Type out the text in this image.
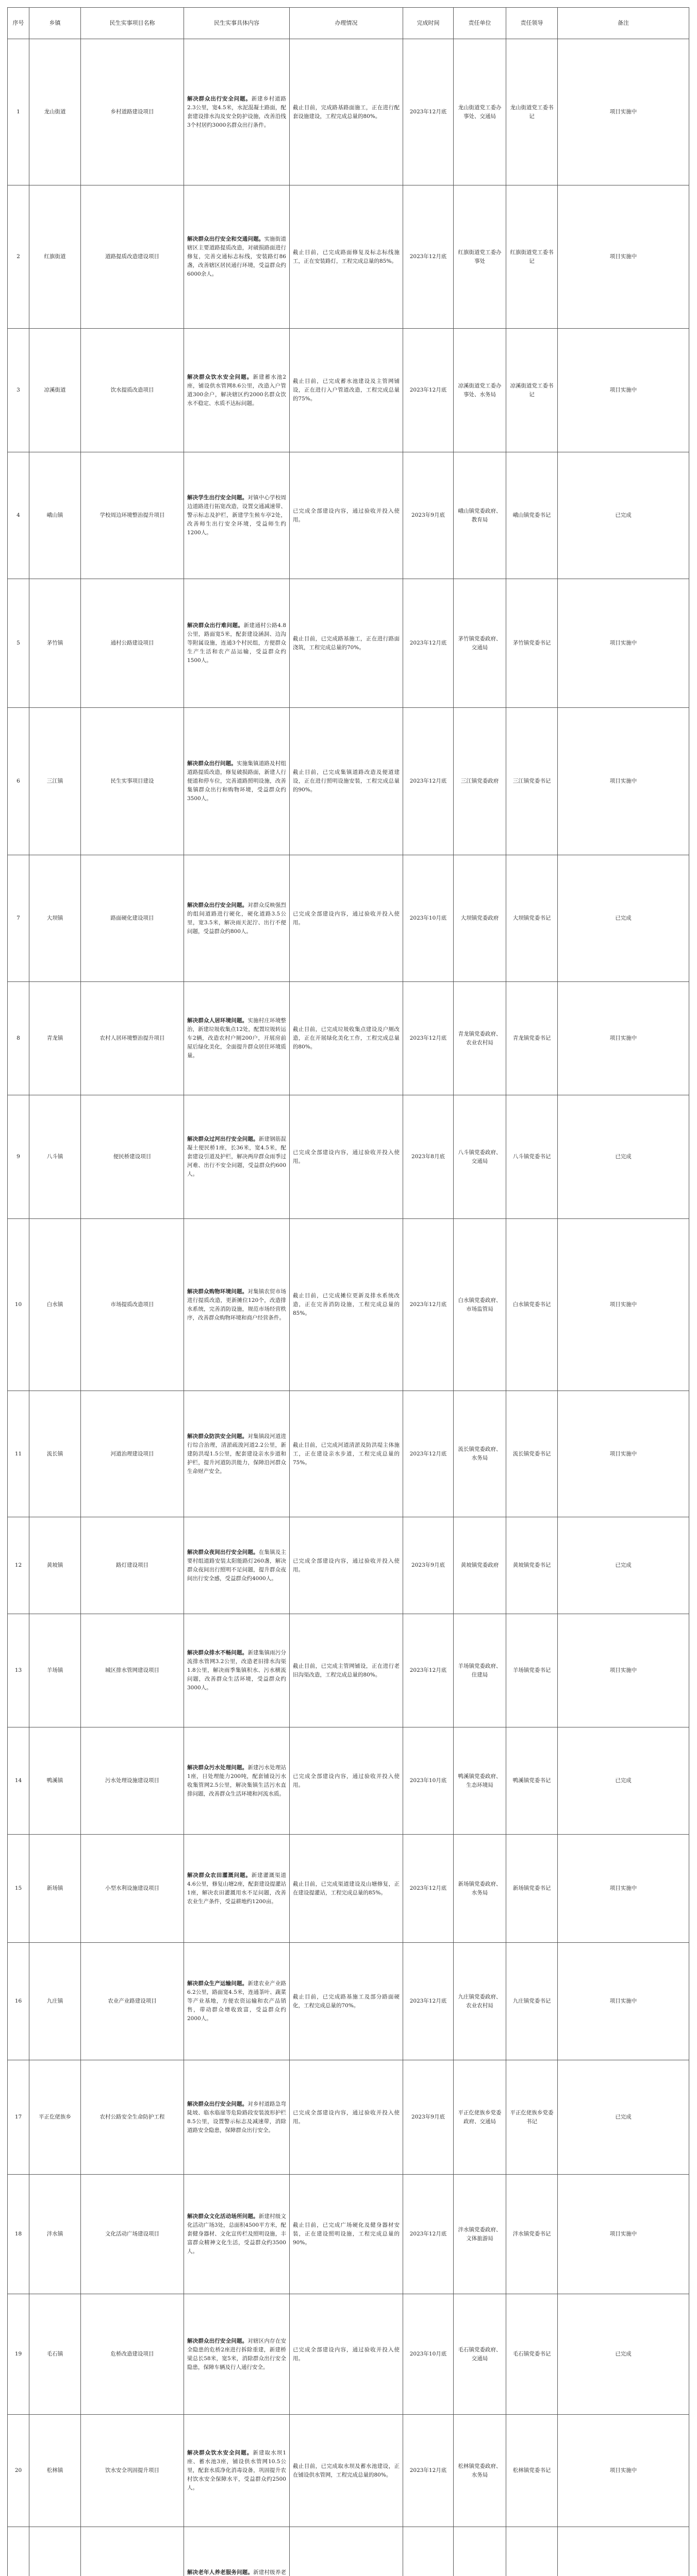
序号	乡镇	民生实事项目名称	民生实事具体内容	办理情况	完成时间	责任单位	责任领导	备注
1	龙山街道	乡村道路建设项目	解决群众出行安全问题。新建乡村道路2.3公里，宽4.5米，水泥混凝土路面，配套建设排水沟及安全防护设施，改善沿线3个村居约3000名群众出行条件。	截止目前，完成路基路面施工，正在进行配套设施建设，工程完成总量的80%。	2023年12月底	龙山街道党工委办事处、交通局	龙山街道党工委书记	项目实施中
2	红旗街道	道路提质改造建设项目	解决群众出行安全和交通问题。实施街道辖区主要道路提质改造，对破损路面进行修复，完善交通标志标线，安装路灯86盏，改善辖区居民通行环境，受益群众约6000余人。	截止目前，已完成路面修复及标志标线施工，正在安装路灯，工程完成总量的85%。	2023年12月底	红旗街道党工委办事处	红旗街道党工委书记	项目实施中
3	凉溪街道	饮水提质改造项目	解决群众饮水安全问题。新建蓄水池2座，铺设供水管网8.6公里，改造入户管道300余户，解决辖区约2000名群众饮水不稳定、水质不达标问题。	截止目前，已完成蓄水池建设及主管网铺设，正在进行入户管道改造，工程完成总量的75%。	2023年12月底	凉溪街道党工委办事处、水务局	凉溪街道党工委书记	项目实施中
4	峨山镇	学校周边环境整治提升项目	解决学生出行安全问题。对镇中心学校周边道路进行拓宽改造，设置交通减速带、警示标志及护栏，新建学生候车亭2处，改善师生出行安全环境，受益师生约1200人。	已完成全部建设内容，通过验收并投入使用。	2023年9月底	峨山镇党委政府、教育局	峨山镇党委书记	已完成
5	茅竹镇	通村公路建设项目	解决群众出行难问题。新建通村公路4.8公里，路面宽5米，配套建设涵洞、边沟等附属设施，连通3个村民组，方便群众生产生活和农产品运输，受益群众约1500人。	截止目前，已完成路基施工，正在进行路面浇筑，工程完成总量的70%。	2023年12月底	茅竹镇党委政府、交通局	茅竹镇党委书记	项目实施中
6	三江镇	民生实事项目建设	解决群众出行问题。实施集镇道路及村组道路提质改造，修复破损路面，新建人行便道和停车位，完善道路照明设施，改善集镇群众出行和购物环境，受益群众约3500人。	截止目前，已完成集镇道路改造及便道建设，正在进行照明设施安装，工程完成总量的90%。	2023年12月底	三江镇党委政府	三江镇党委书记	项目实施中
7	大坝镇	路面硬化建设项目	解决群众出行安全问题。对群众反映强烈的组间道路进行硬化，硬化道路3.5公里，宽3.5米，解决雨天泥泞、出行不便问题，受益群众约800人。	已完成全部建设内容，通过验收并投入使用。	2023年10月底	大坝镇党委政府	大坝镇党委书记	已完成
8	青龙镇	农村人居环境整治提升项目	解决群众人居环境问题。实施村庄环境整治，新建垃圾收集点12处，配置垃圾转运车2辆，改造农村户厕200户，开展房前屋后绿化美化，全面提升群众居住环境质量。	截止目前，已完成垃圾收集点建设及户厕改造，正在开展绿化美化工作，工程完成总量的80%。	2023年12月底	青龙镇党委政府、农业农村局	青龙镇党委书记	项目实施中
9	八斗镇	便民桥建设项目	解决群众过河出行安全问题。新建钢筋混凝土便民桥1座，长36米，宽4.5米，配套建设引道及护栏，解决两岸群众雨季过河难、出行不安全问题，受益群众约600人。	已完成全部建设内容，通过验收并投入使用。	2023年8月底	八斗镇党委政府、交通局	八斗镇党委书记	已完成
10	白水镇	市场提质改造项目	解决群众购物环境问题。对集镇农贸市场进行提质改造，更新摊位120个，改造排水系统，完善消防设施，规范市场经营秩序，改善群众购物环境和商户经营条件。	截止目前，已完成摊位更新及排水系统改造，正在完善消防设施，工程完成总量的85%。	2023年12月底	白水镇党委政府、市场监管局	白水镇党委书记	项目实施中
11	流长镇	河道治理建设项目	解决群众防洪安全问题。对集镇段河道进行综合治理，清淤疏浚河道2.2公里，新建防洪堤1.5公里，配套建设亲水步道和护栏，提升河道防洪能力，保障沿河群众生命财产安全。	截止目前，已完成河道清淤及防洪堤主体施工，正在建设亲水步道，工程完成总量的75%。	2023年12月底	流长镇党委政府、水务局	流长镇党委书记	项目实施中
12	黄坡镇	路灯建设项目	解决群众夜间出行安全问题。在集镇及主要村组道路安装太阳能路灯260盏，解决群众夜间出行照明不足问题，提升群众夜间出行安全感，受益群众约4000人。	已完成全部建设内容，通过验收并投入使用。	2023年9月底	黄坡镇党委政府	黄坡镇党委书记	已完成
13	羊场镇	城区排水管网建设项目	解决群众排水不畅问题。新建集镇雨污分流排水管网3.2公里，改造老旧排水沟渠1.8公里，解决雨季集镇积水、污水横流问题，改善群众生活环境，受益群众约3000人。	截止目前，已完成主管网铺设，正在进行老旧沟渠改造，工程完成总量的80%。	2023年12月底	羊场镇党委政府、住建局	羊场镇党委书记	项目实施中
14	鸭溪镇	污水处理设施建设项目	解决群众污水处理问题。新建污水处理站1座，日处理能力200吨，配套铺设污水收集管网2.5公里，解决集镇生活污水直排问题，改善群众生活环境和河流水质。	已完成全部建设内容，通过验收并投入使用。	2023年10月底	鸭溪镇党委政府、生态环境局	鸭溪镇党委书记	已完成
15	新场镇	小型水利设施建设项目	解决群众农田灌溉问题。新建灌溉渠道4.6公里，修复山塘2座，配套建设提灌站1座，解决农田灌溉用水不足问题，改善农业生产条件，受益耕地约1200亩。	截止目前，已完成渠道建设及山塘修复，正在建设提灌站，工程完成总量的85%。	2023年12月底	新场镇党委政府、水务局	新场镇党委书记	项目实施中
16	九庄镇	农业产业路建设项目	解决群众生产运输问题。新建农业产业路6.2公里，路面宽4.5米，连通茶叶、蔬菜等产业基地，方便农资运输和农产品销售，带动群众增收致富，受益群众约2000人。	截止目前，已完成路基施工及部分路面硬化，工程完成总量的70%。	2023年12月底	九庄镇党委政府、农业农村局	九庄镇党委书记	项目实施中
17	平正仡佬族乡	农村公路安全生命防护工程	解决群众出行安全问题。对乡村道路急弯陡坡、临水临崖等危险路段安装波形护栏8.5公里，设置警示标志及减速带，消除道路安全隐患，保障群众出行安全。	已完成全部建设内容，通过验收并投入使用。	2023年9月底	平正仡佬族乡党委政府、交通局	平正仡佬族乡党委书记	已完成
18	泮水镇	文化活动广场建设项目	解决群众文化活动场所问题。新建村级文化活动广场3处，总面积4500平方米，配套健身器材、文化宣传栏及照明设施，丰富群众精神文化生活，受益群众约3500人。	截止目前，已完成广场硬化及健身器材安装，正在建设照明设施，工程完成总量的90%。	2023年12月底	泮水镇党委政府、文体旅游局	泮水镇党委书记	项目实施中
19	毛石镇	危桥改造建设项目	解决群众出行安全问题。对辖区内存在安全隐患的危桥2座进行拆除重建，新建桥梁总长58米，宽5米，消除群众出行安全隐患，保障车辆及行人通行安全。	已完成全部建设内容，通过验收并投入使用。	2023年10月底	毛石镇党委政府、交通局	毛石镇党委书记	已完成
20	松林镇	饮水安全巩固提升项目	解决群众饮水安全问题。新建取水坝1座、蓄水池3座，铺设供水管网10.5公里，配套水质净化消毒设备，巩固提升农村饮水安全保障水平，受益群众约2500人。	截止目前，已完成取水坝及蓄水池建设，正在铺设供水管网，工程完成总量的80%。	2023年12月底	松林镇党委政府、水务局	松林镇党委书记	项目实施中
			解决老年人养老服务问题。新建村级养老					
